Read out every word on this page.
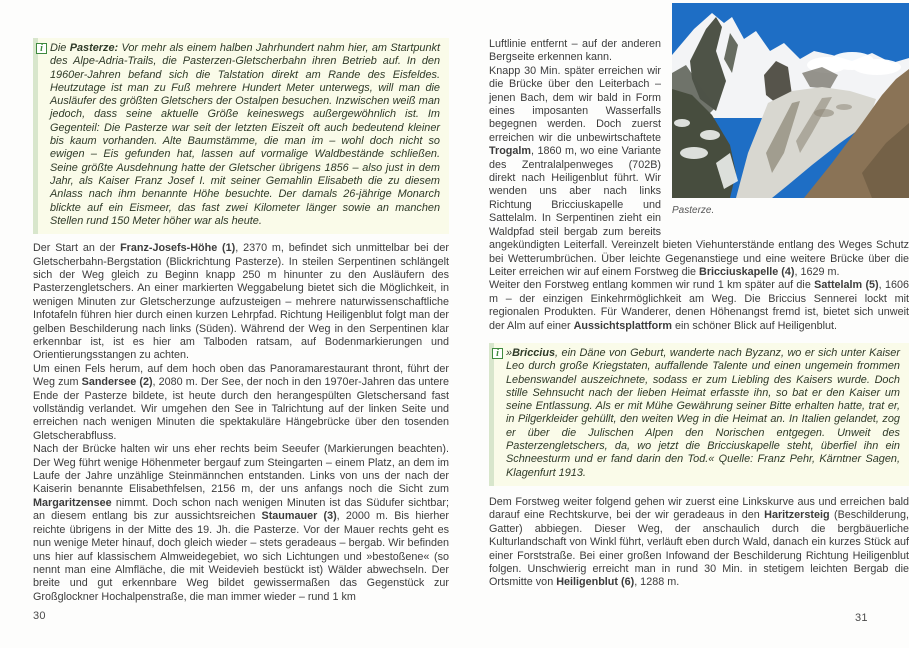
i Die Pasterze: Vor mehr als einem halben Jahrhundert nahm hier, am Startpunkt des Alpe-Adria-Trails, die Pasterzen-Gletscherbahn ihren Betrieb auf. In den 1960er-Jahren befand sich die Talstation direkt am Rande des Eisfeldes. Heutzutage ist man zu Fuß mehrere Hundert Meter unterwegs, will man die Ausläufer des größten Gletschers der Ostalpen besuchen. Inzwischen weiß man jedoch, dass seine aktuelle Größe keineswegs außergewöhnlich ist. Im Gegenteil: Die Pasterze war seit der letzten Eiszeit oft auch bedeutend kleiner bis kaum vorhanden. Alte Baumstämme, die man im – wohl doch nicht so ewigen – Eis gefunden hat, lassen auf vormalige Waldbestände schließen. Seine größte Ausdehnung hatte der Gletscher übrigens 1856 – also just in dem Jahr, als Kaiser Franz Josef I. mit seiner Gemahlin Elisabeth die zu diesem Anlass nach ihm benannte Höhe besuchte. Der damals 26-jährige Monarch blickte auf ein Eismeer, das fast zwei Kilometer länger sowie an manchen Stellen rund 150 Meter höher war als heute.

Der Start an der Franz-Josefs-Höhe (1), 2370 m, befindet sich unmittelbar bei der Gletscherbahn-Bergstation (Blickrichtung Pasterze). In steilen Serpentinen schlängelt sich der Weg gleich zu Beginn knapp 250 m hinunter zu den Ausläufern des Pasterzengletschers. An einer markierten Weggabelung bietet sich die Möglichkeit, in wenigen Minuten zur Gletscherzunge aufzusteigen – mehrere naturwissenschaftliche Infotafeln führen hier durch einen kurzen Lehrpfad. Richtung Heiligenblut folgt man der gelben Beschilderung nach links (Süden). Während der Weg in den Serpentinen klar erkennbar ist, ist es hier am Talboden ratsam, auf Bodenmarkierungen und Orientierungsstangen zu achten.

Um einen Fels herum, auf dem hoch oben das Panoramarestaurant thront, führt der Weg zum Sandersee (2), 2080 m. Der See, der noch in den 1970er-Jahren das untere Ende der Pasterze bildete, ist heute durch den herangespülten Gletschersand fast vollständig verlandet. Wir umgehen den See in Talrichtung auf der linken Seite und erreichen nach wenigen Minuten die spektakuläre Hängebrücke über den tosenden Gletscherabfluss.

Nach der Brücke halten wir uns eher rechts beim Seeufer (Markierungen beachten). Der Weg führt wenige Höhenmeter bergauf zum Steingarten – einem Platz, an dem im Laufe der Jahre unzählige Steinmännchen entstanden. Links von uns der nach der Kaiserin benannte Elisabethfelsen, 2156 m, der uns anfangs noch die Sicht zum Margaritzensee nimmt. Doch schon nach wenigen Minuten ist das Südufer sichtbar; an diesem entlang bis zur aussichtsreichen Staumauer (3), 2000 m. Bis hierher reichte übrigens in der Mitte des 19. Jh. die Pasterze. Vor der Mauer rechts geht es nun wenige Meter hinauf, doch gleich wieder – stets geradeaus – bergab. Wir befinden uns hier auf klassischem Almweidegebiet, wo sich Lichtungen und »bestoßene« (so nennt man eine Almfläche, die mit Weidevieh bestückt ist) Wälder abwechseln. Der breite und gut erkennbare Weg bildet gewissermaßen das Gegenstück zur Großglockner Hochalpenstraße, die man immer wieder – rund 1 km

Pasterze.

Luftlinie entfernt – auf der anderen Bergseite erkennen kann.

Knapp 30 Min. später erreichen wir die Brücke über den Leiterbach – jenen Bach, dem wir bald in Form eines imposanten Wasserfalls begegnen werden. Doch zuerst erreichen wir die unbewirtschaftete Trogalm, 1860 m, wo eine Variante des Zentralalpenweges (702B) direkt nach Heiligenblut führt. Wir wenden uns aber nach links Richtung Bricciuskapelle und Sattelalm. In Serpentinen zieht ein Waldpfad steil bergab zum bereits angekündigten Leiterfall. Vereinzelt bieten Viehunterstände entlang des Weges Schutz bei Wetterumbrüchen. Über leichte Gegenanstiege und eine weitere Brücke über die Leiter erreichen wir auf einem Forstweg die Bricciuskapelle (4), 1629 m.

Weiter den Forstweg entlang kommen wir rund 1 km später auf die Sattelalm (5), 1606 m – der einzigen Einkehrmöglichkeit am Weg. Die Briccius Sennerei lockt mit regionalen Produkten. Für Wanderer, denen Höhenangst fremd ist, bietet sich unweit der Alm auf einer Aussichtsplattform ein schöner Blick auf Heiligenblut.

i »Briccius, ein Däne von Geburt, wanderte nach Byzanz, wo er sich unter Kaiser Leo durch große Kriegstaten, auffallende Talente und einen ungemein frommen Lebenswandel auszeichnete, sodass er zum Liebling des Kaisers wurde. Doch stille Sehnsucht nach der lieben Heimat erfasste ihn, so bat er den Kaiser um seine Entlassung. Als er mit Mühe Gewährung seiner Bitte erhalten hatte, trat er, in Pilgerkleider gehüllt, den weiten Weg in die Heimat an. In Italien gelandet, zog er über die Julischen Alpen den Norischen entgegen. Unweit des Pasterzengletschers, da, wo jetzt die Bricciuskapelle steht, überfiel ihn ein Schneesturm und er fand darin den Tod.« Quelle: Franz Pehr, Kärntner Sagen, Klagenfurt 1913.

Dem Forstweg weiter folgend gehen wir zuerst eine Linkskurve aus und erreichen bald darauf eine Rechtskurve, bei der wir geradeaus in den Haritzersteig (Beschilderung, Gatter) abbiegen. Dieser Weg, der anschaulich durch die bergbäuerliche Kulturlandschaft von Winkl führt, verläuft eben durch Wald, danach ein kurzes Stück auf einer Forststraße. Bei einer großen Infowand der Beschilderung Richtung Heiligenblut folgen. Unschwierig erreicht man in rund 30 Min. in stetigem leichten Bergab die Ortsmitte von Heiligenblut (6), 1288 m.

30	31
